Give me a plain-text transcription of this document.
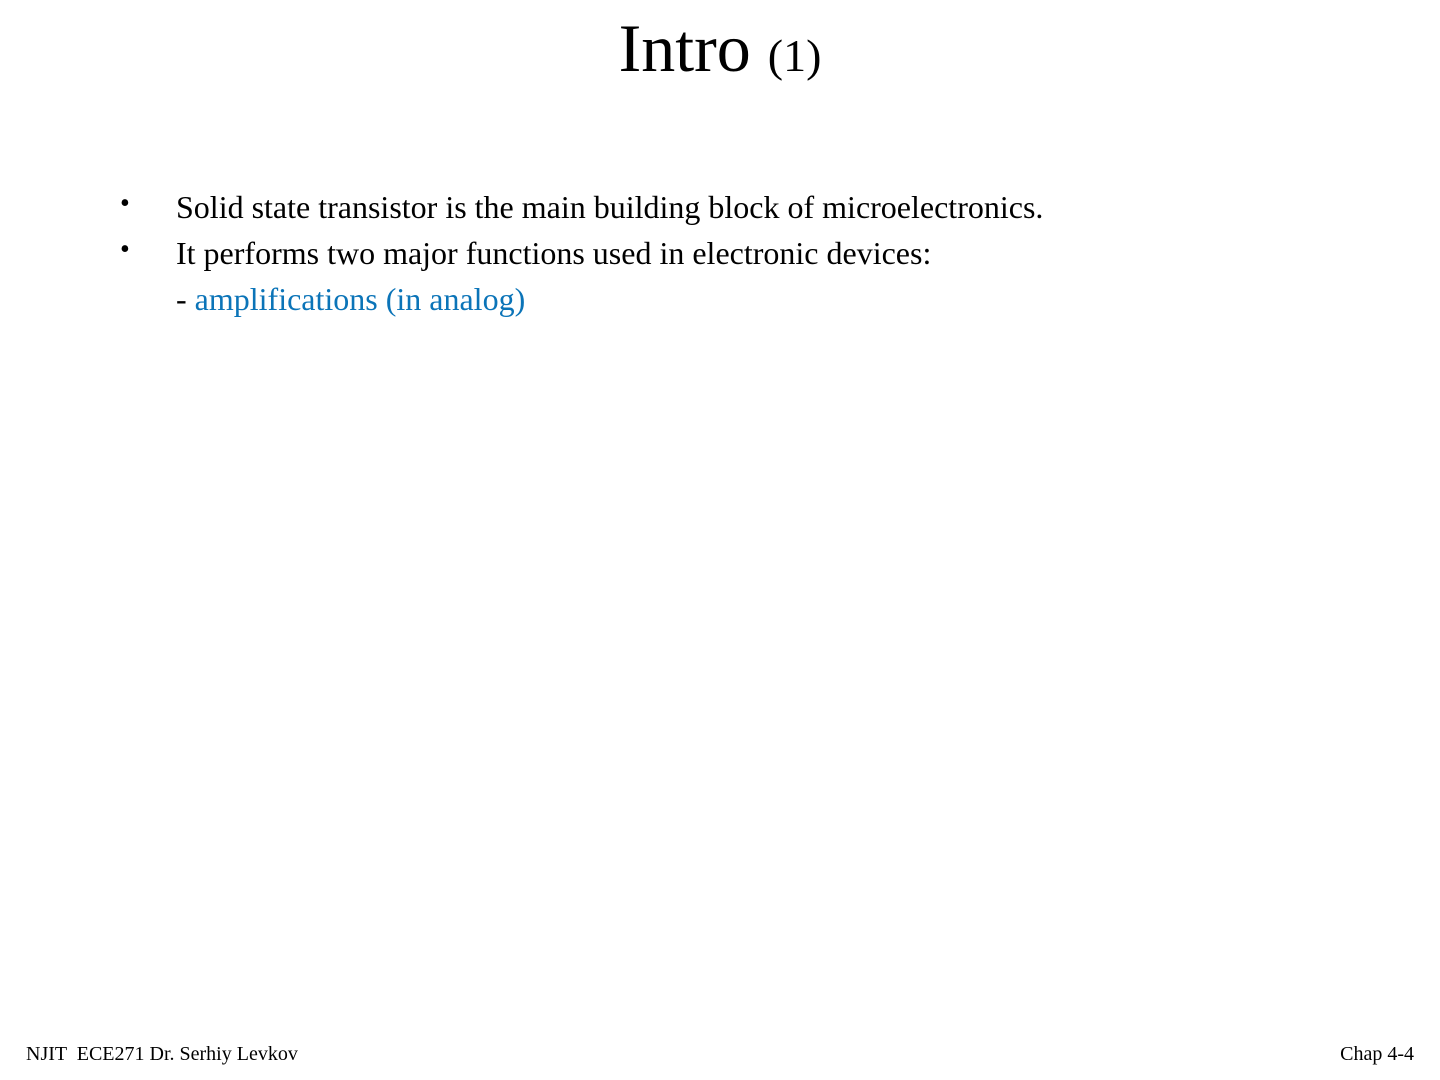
Intro (1)
• Solid state transistor is the main building block of microelectronics.
• It performs two major functions used in electronic devices:
- amplifications (in analog)
NJIT  ECE271 Dr. Serhiy Levkov	Chap 4-4
